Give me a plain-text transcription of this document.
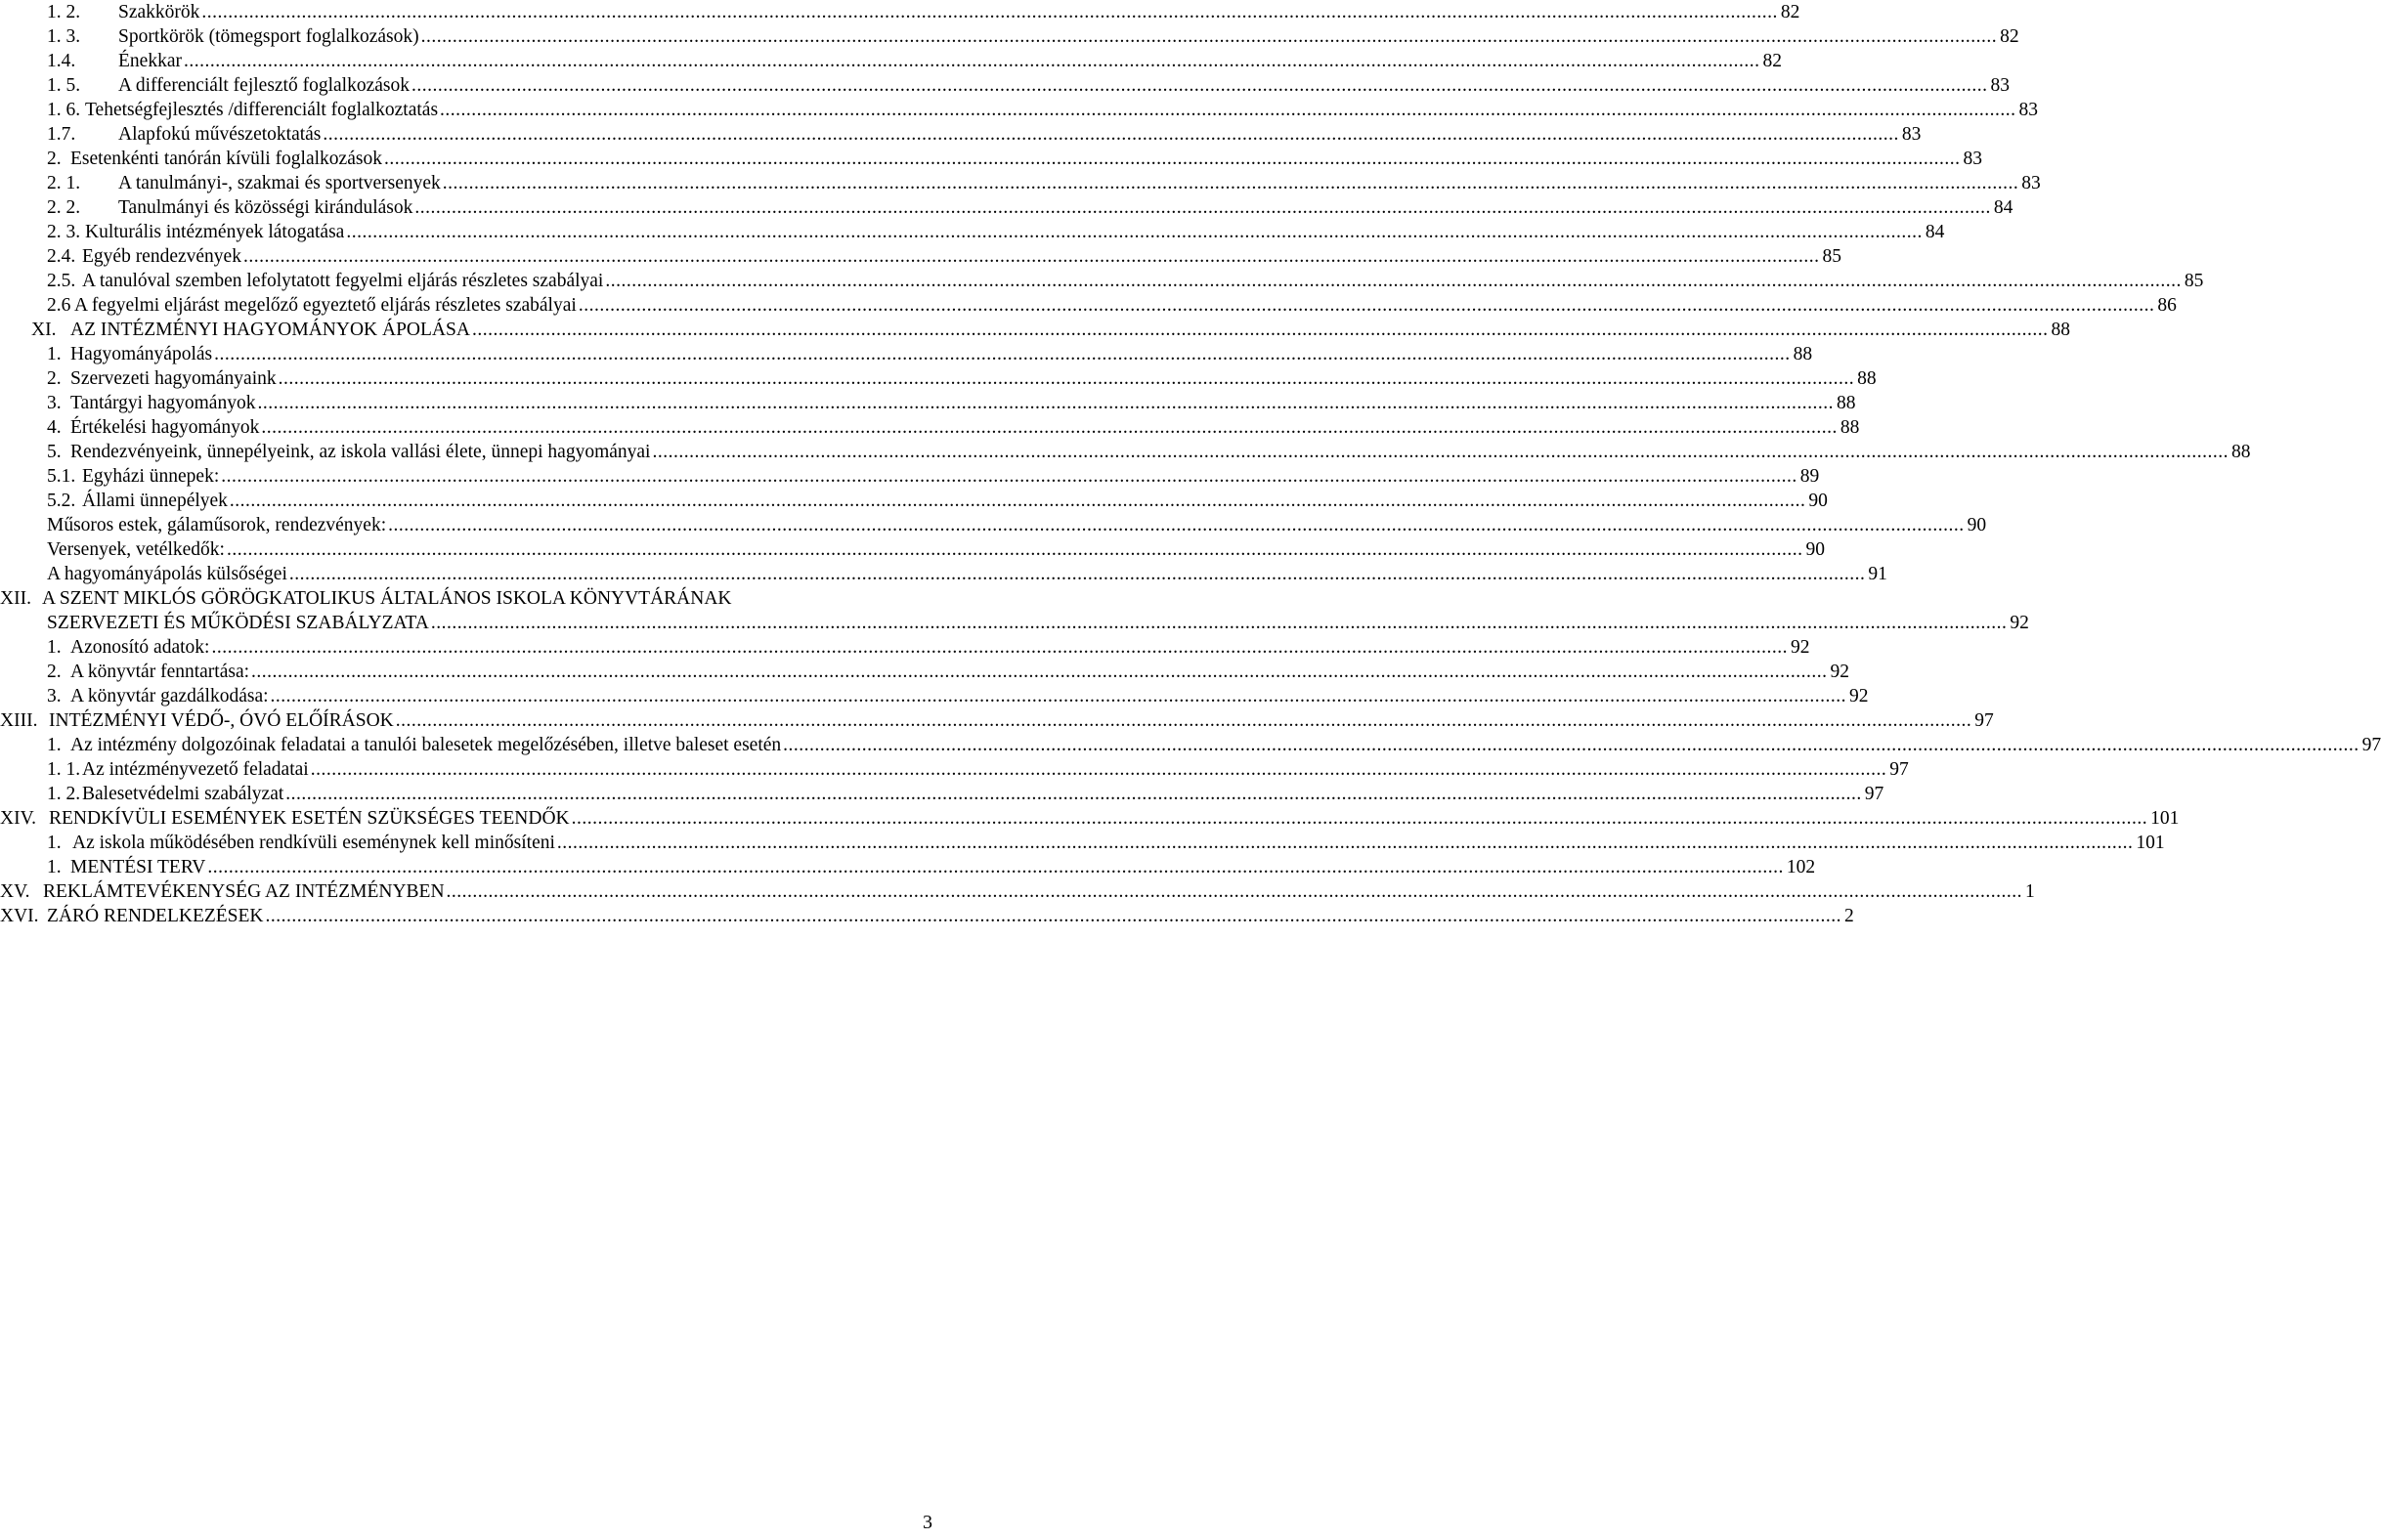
1. 2.	Szakkörök ............................................................................................................................................................................................................................................................................................................ 82
1. 3.	Sportkörök (tömegsport foglalkozások) ............................................................................................................................................................................................................................................................................................................ 82
1.4.	Énekkar ............................................................................................................................................................................................................................................................................................................ 82
1. 5.	A differenciált fejlesztő foglalkozások ............................................................................................................................................................................................................................................................................................................ 83
1. 6. Tehetségfejlesztés /differenciált foglalkoztatás ............................................................................................................................................................................................................................................................................................................ 83
1.7.	Alapfokú művészetoktatás ............................................................................................................................................................................................................................................................................................................ 83
2. Esetenkénti tanórán kívüli foglalkozások ............................................................................................................................................................................................................................................................................................................ 83
2. 1.	A tanulmányi-, szakmai és sportversenyek ............................................................................................................................................................................................................................................................................................................ 83
2. 2.	Tanulmányi és közösségi kirándulások ............................................................................................................................................................................................................................................................................................................ 84
2. 3. Kulturális intézmények látogatása ............................................................................................................................................................................................................................................................................................................ 84
2.4. Egyéb rendezvények ............................................................................................................................................................................................................................................................................................................ 85
2.5. A tanulóval szemben lefolytatott fegyelmi eljárás részletes szabályai ............................................................................................................................................................................................................................................................................................................ 85
2.6 A fegyelmi eljárást megelőző egyeztető eljárás részletes szabályai ............................................................................................................................................................................................................................................................................................................ 86
XI. AZ INTÉZMÉNYI HAGYOMÁNYOK ÁPOLÁSA ............................................................................................................................................................................................................................................................................................................ 88
1. Hagyományápolás ............................................................................................................................................................................................................................................................................................................ 88
2. Szervezeti hagyományaink ............................................................................................................................................................................................................................................................................................................ 88
3. Tantárgyi hagyományok ............................................................................................................................................................................................................................................................................................................ 88
4. Értékelési hagyományok ............................................................................................................................................................................................................................................................................................................ 88
5. Rendezvényeink, ünnepélyeink, az iskola vallási élete, ünnepi hagyományai ............................................................................................................................................................................................................................................................................................................ 88
5.1. Egyházi ünnepek: ............................................................................................................................................................................................................................................................................................................ 89
5.2. Állami ünnepélyek ............................................................................................................................................................................................................................................................................................................ 90
Műsoros estek, gálaműsorok, rendezvények: ............................................................................................................................................................................................................................................................................................................ 90
Versenyek, vetélkedők: ............................................................................................................................................................................................................................................................................................................ 90
A hagyományápolás külsőségei ............................................................................................................................................................................................................................................................................................................ 91
XII. A SZENT MIKLÓS GÖRÖGKATOLIKUS ÁLTALÁNOS ISKOLA KÖNYVTÁRÁNAK
SZERVEZETI ÉS MŰKÖDÉSI SZABÁLYZATA ............................................................................................................................................................................................................................................................................................................ 92
1. Azonosító adatok: ............................................................................................................................................................................................................................................................................................................ 92
2. A könyvtár fenntartása: ............................................................................................................................................................................................................................................................................................................ 92
3. A könyvtár gazdálkodása: ............................................................................................................................................................................................................................................................................................................ 92
XIII. INTÉZMÉNYI VÉDŐ-, ÓVÓ ELŐÍRÁSOK ............................................................................................................................................................................................................................................................................................................ 97
1. Az intézmény dolgozóinak feladatai a tanulói balesetek megelőzésében, illetve baleset esetén ............................................................................................................................................................................................................................................................................................................ 97
1. 1. Az intézményvezető feladatai ............................................................................................................................................................................................................................................................................................................ 97
1. 2. Balesetvédelmi szabályzat ............................................................................................................................................................................................................................................................................................................ 97
XIV. RENDKÍVÜLI ESEMÉNYEK ESETÉN SZÜKSÉGES TEENDŐK ............................................................................................................................................................................................................................................................................................................ 101
1. Az iskola működésében rendkívüli eseménynek kell minősíteni ............................................................................................................................................................................................................................................................................................................ 101
1. MENTÉSI TERV ............................................................................................................................................................................................................................................................................................................ 102
XV. REKLÁMTEVÉKENYSÉG AZ INTÉZMÉNYBEN ............................................................................................................................................................................................................................................................................................................ 1
XVI. ZÁRÓ RENDELKEZÉSEK ............................................................................................................................................................................................................................................................................................................ 2
3
